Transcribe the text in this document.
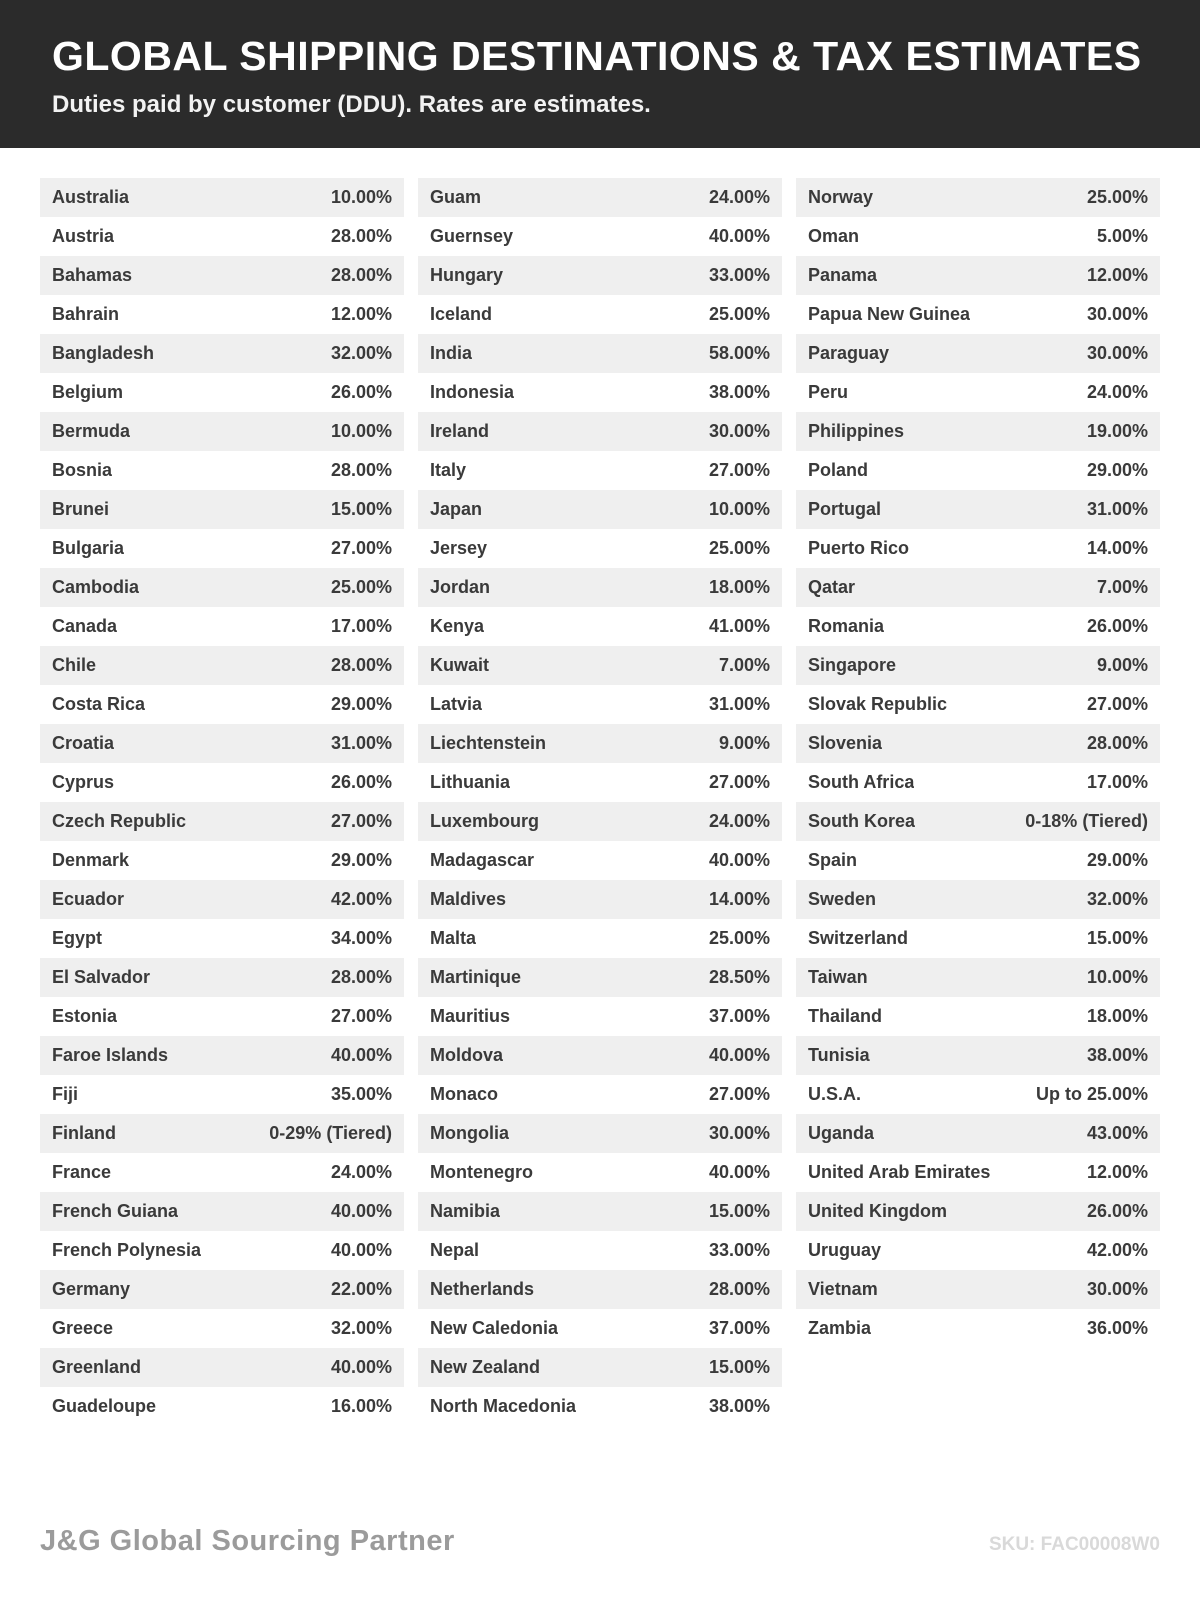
GLOBAL SHIPPING DESTINATIONS & TAX ESTIMATES

Duties paid by customer (DDU). Rates are estimates.

Australia	10.00%
Austria	28.00%
Bahamas	28.00%
Bahrain	12.00%
Bangladesh	32.00%
Belgium	26.00%
Bermuda	10.00%
Bosnia	28.00%
Brunei	15.00%
Bulgaria	27.00%
Cambodia	25.00%
Canada	17.00%
Chile	28.00%
Costa Rica	29.00%
Croatia	31.00%
Cyprus	26.00%
Czech Republic	27.00%
Denmark	29.00%
Ecuador	42.00%
Egypt	34.00%
El Salvador	28.00%
Estonia	27.00%
Faroe Islands	40.00%
Fiji	35.00%
Finland	0-29% (Tiered)
France	24.00%
French Guiana	40.00%
French Polynesia	40.00%
Germany	22.00%
Greece	32.00%
Greenland	40.00%
Guadeloupe	16.00%
Guam	24.00%
Guernsey	40.00%
Hungary	33.00%
Iceland	25.00%
India	58.00%
Indonesia	38.00%
Ireland	30.00%
Italy	27.00%
Japan	10.00%
Jersey	25.00%
Jordan	18.00%
Kenya	41.00%
Kuwait	7.00%
Latvia	31.00%
Liechtenstein	9.00%
Lithuania	27.00%
Luxembourg	24.00%
Madagascar	40.00%
Maldives	14.00%
Malta	25.00%
Martinique	28.50%
Mauritius	37.00%
Moldova	40.00%
Monaco	27.00%
Mongolia	30.00%
Montenegro	40.00%
Namibia	15.00%
Nepal	33.00%
Netherlands	28.00%
New Caledonia	37.00%
New Zealand	15.00%
North Macedonia	38.00%
Norway	25.00%
Oman	5.00%
Panama	12.00%
Papua New Guinea	30.00%
Paraguay	30.00%
Peru	24.00%
Philippines	19.00%
Poland	29.00%
Portugal	31.00%
Puerto Rico	14.00%
Qatar	7.00%
Romania	26.00%
Singapore	9.00%
Slovak Republic	27.00%
Slovenia	28.00%
South Africa	17.00%
South Korea	0-18% (Tiered)
Spain	29.00%
Sweden	32.00%
Switzerland	15.00%
Taiwan	10.00%
Thailand	18.00%
Tunisia	38.00%
U.S.A.	Up to 25.00%
Uganda	43.00%
United Arab Emirates	12.00%
United Kingdom	26.00%
Uruguay	42.00%
Vietnam	30.00%
Zambia	36.00%
J&G Global Sourcing Partner	SKU: FAC00008W0
